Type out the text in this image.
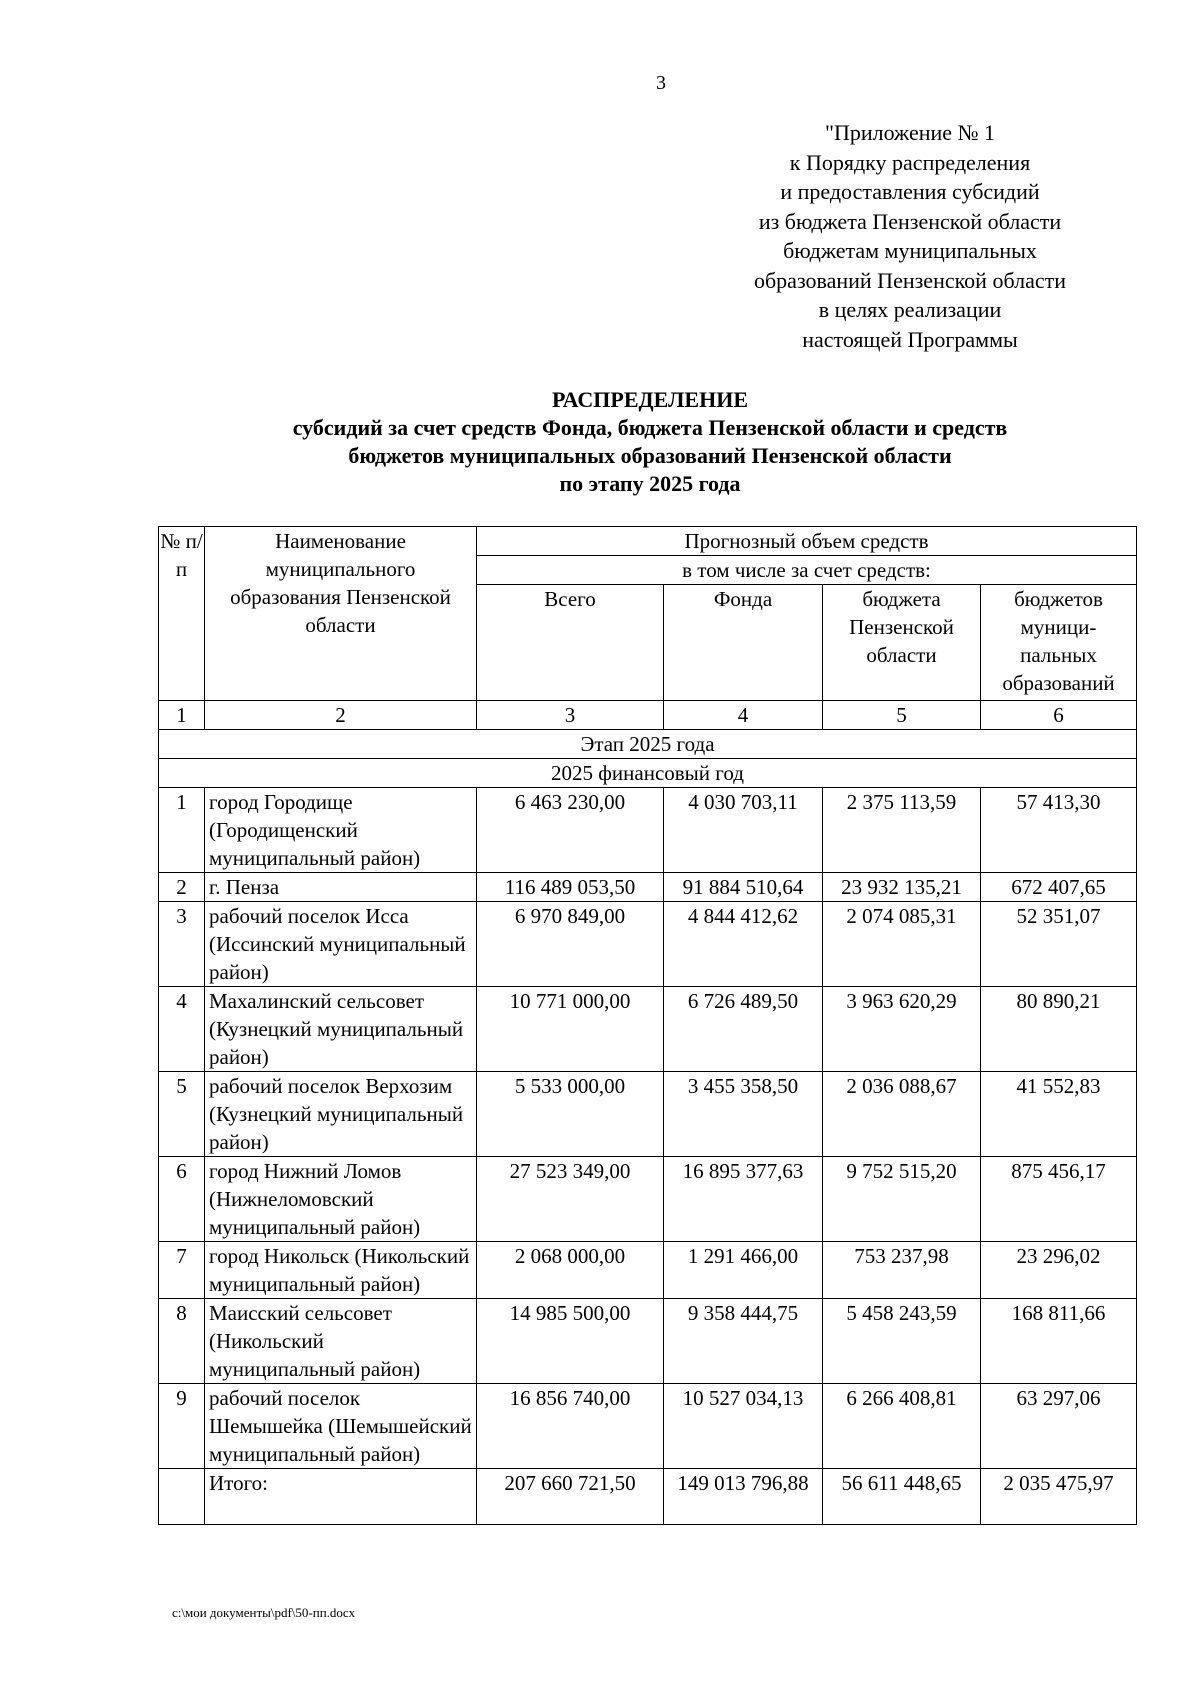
3
"Приложение № 1
к Порядку распределения
и предоставления субсидий
из бюджета Пензенской области
бюджетам муниципальных
образований Пензенской области
в целях реализации
настоящей Программы
РАСПРЕДЕЛЕНИЕ
субсидий за счет средств Фонда, бюджета Пензенской области и средств
бюджетов муниципальных образований Пензенской области
по этапу 2025 года
№ п/п	Наименование муниципального образования Пензенской области	Прогнозный объем средств			
		в том числе за счет средств:			
		Всего	Фонда	бюджета Пензенской области	бюджетов муници-пальных образований
1	2	3	4	5	6
Этап 2025 года					
2025 финансовый год					
1	город Городище (Городищенский муниципальный район)	6 463 230,00	4 030 703,11	2 375 113,59	57 413,30
2	г. Пенза	116 489 053,50	91 884 510,64	23 932 135,21	672 407,65
3	рабочий поселок Исса (Иссинский муниципальный район)	6 970 849,00	4 844 412,62	2 074 085,31	52 351,07
4	Махалинский сельсовет (Кузнецкий муниципальный район)	10 771 000,00	6 726 489,50	3 963 620,29	80 890,21
5	рабочий поселок Верхозим (Кузнецкий муниципальный район)	5 533 000,00	3 455 358,50	2 036 088,67	41 552,83
6	город Нижний Ломов (Нижнеломовский муниципальный район)	27 523 349,00	16 895 377,63	9 752 515,20	875 456,17
7	город Никольск (Никольский муниципальный район)	2 068 000,00	1 291 466,00	753 237,98	23 296,02
8	Маисский сельсовет (Никольский муниципальный район)	14 985 500,00	9 358 444,75	5 458 243,59	168 811,66
9	рабочий поселок Шемышейка (Шемышейский муниципальный район)	16 856 740,00	10 527 034,13	6 266 408,81	63 297,06
	Итого:	207 660 721,50	149 013 796,88	56 611 448,65	2 035 475,97
c:\мои документы\pdf\50-пп.docx
